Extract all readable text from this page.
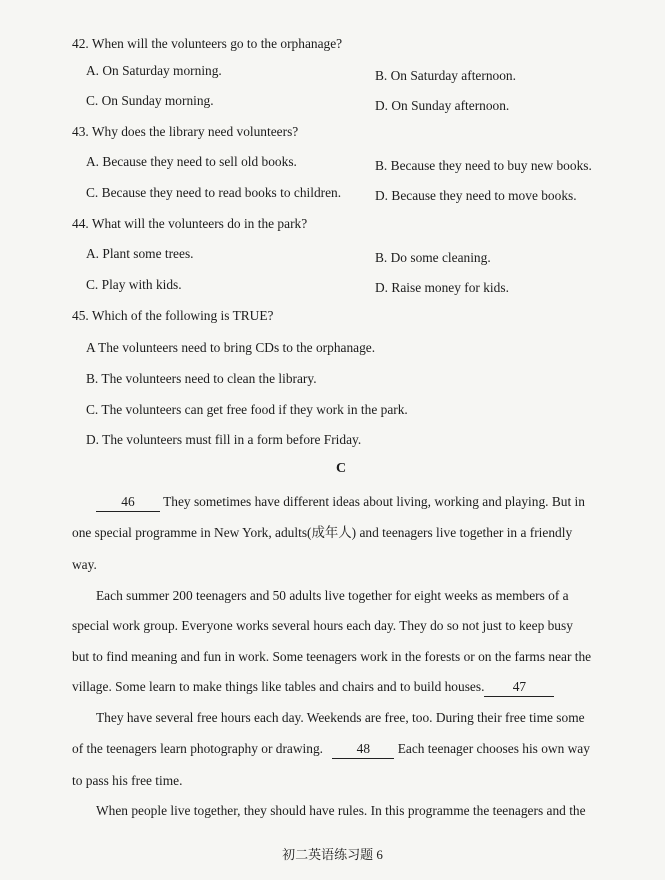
42. When will the volunteers go to the orphanage?
A. On Saturday morning.	B. On Saturday afternoon.
C. On Sunday morning.	D. On Sunday afternoon.
43. Why does the library need volunteers?
A. Because they need to sell old books.	B. Because they need to buy new books.
C. Because they need to read books to children.	D. Because they need to move books.
44. What will the volunteers do in the park?
A. Plant some trees.	B. Do some cleaning.
C. Play with kids.	D. Raise money for kids.
45. Which of the following is TRUE?
A The volunteers need to bring CDs to the orphanage.
B. The volunteers need to clean the library.
C. The volunteers can get free food if they work in the park.
D. The volunteers must fill in a form before Friday.
C
46 They sometimes have different ideas about living, working and playing. But in
one special programme in New York, adults(成年人) and teenagers live together in a friendly
way.
Each summer 200 teenagers and 50 adults live together for eight weeks as members of a
special work group. Everyone works several hours each day. They do so not just to keep busy
but to find meaning and fun in work. Some teenagers work in the forests or on the farms near the
village. Some learn to make things like tables and chairs and to build houses. 47
They have several free hours each day. Weekends are free, too. During their free time some
of the teenagers learn photography or drawing.	48 Each teenager chooses his own way
to pass his free time.
When people live together, they should have rules. In this programme the teenagers and the
初二英语练习题 6
